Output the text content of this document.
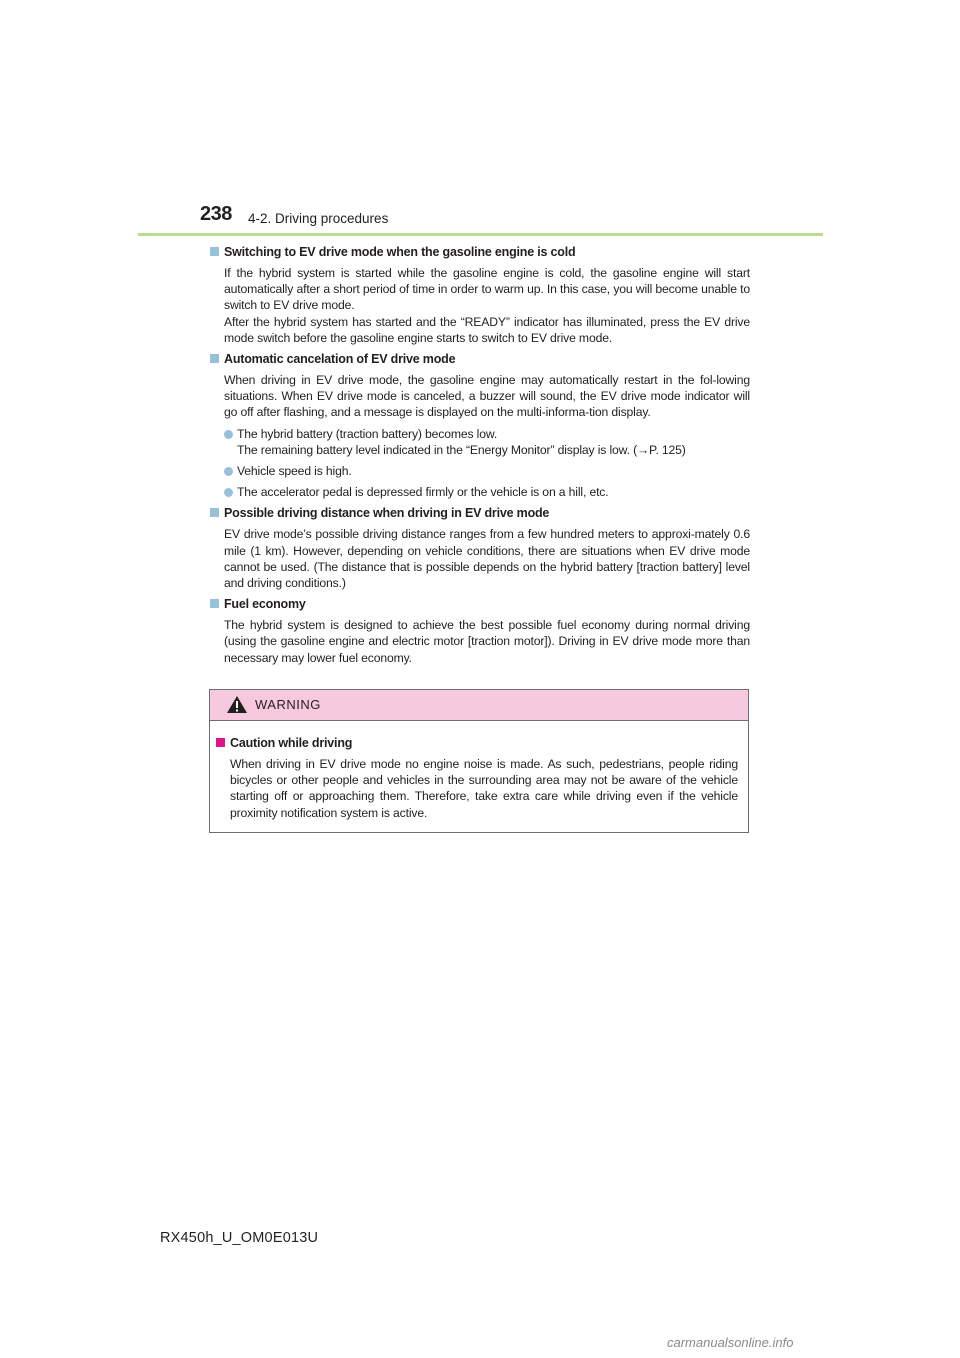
238 4-2. Driving procedures
Switching to EV drive mode when the gasoline engine is cold
If the hybrid system is started while the gasoline engine is cold, the gasoline engine will start automatically after a short period of time in order to warm up. In this case, you will become unable to switch to EV drive mode.
After the hybrid system has started and the “READY” indicator has illuminated, press the EV drive mode switch before the gasoline engine starts to switch to EV drive mode.
Automatic cancelation of EV drive mode
When driving in EV drive mode, the gasoline engine may automatically restart in the fol-lowing situations. When EV drive mode is canceled, a buzzer will sound, the EV drive mode indicator will go off after flashing, and a message is displayed on the multi-informa-tion display.
The hybrid battery (traction battery) becomes low.
The remaining battery level indicated in the “Energy Monitor” display is low. (→P. 125)
Vehicle speed is high.
The accelerator pedal is depressed firmly or the vehicle is on a hill, etc.
Possible driving distance when driving in EV drive mode
EV drive mode’s possible driving distance ranges from a few hundred meters to approxi-mately 0.6 mile (1 km). However, depending on vehicle conditions, there are situations when EV drive mode cannot be used. (The distance that is possible depends on the hybrid battery [traction battery] level and driving conditions.)
Fuel economy
The hybrid system is designed to achieve the best possible fuel economy during normal driving (using the gasoline engine and electric motor [traction motor]). Driving in EV drive mode more than necessary may lower fuel economy.
WARNING
Caution while driving
When driving in EV drive mode no engine noise is made. As such, pedestrians, people riding bicycles or other people and vehicles in the surrounding area may not be aware of the vehicle starting off or approaching them. Therefore, take extra care while driving even if the vehicle proximity notification system is active.
RX450h_U_OM0E013U
carmanualsonline.info
